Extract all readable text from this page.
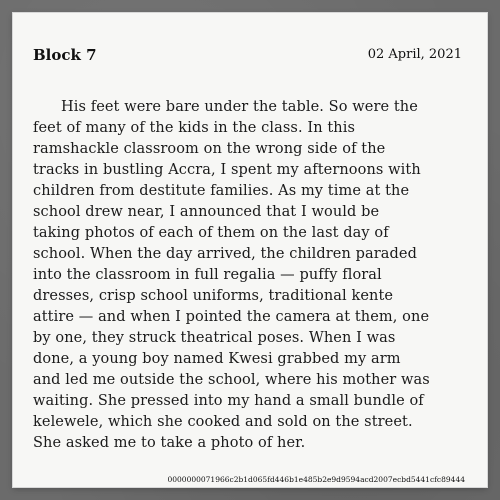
Block 7	02 April, 2021
His feet were bare under the table. So were the
feet of many of the kids in the class. In this
ramshackle classroom on the wrong side of the
tracks in bustling Accra, I spent my afternoons with
children from destitute families. As my time at the
school drew near, I announced that I would be
taking photos of each of them on the last day of
school. When the day arrived, the children paraded
into the classroom in full regalia — puffy floral
dresses, crisp school uniforms, traditional kente
attire — and when I pointed the camera at them, one
by one, they struck theatrical poses. When I was
done, a young boy named Kwesi grabbed my arm
and led me outside the school, where his mother was
waiting. She pressed into my hand a small bundle of
kelewele, which she cooked and sold on the street.
She asked me to take a photo of her.
0000000071966c2b1d065fd446b1e485b2e9d9594acd2007ecbd5441cfc89444
